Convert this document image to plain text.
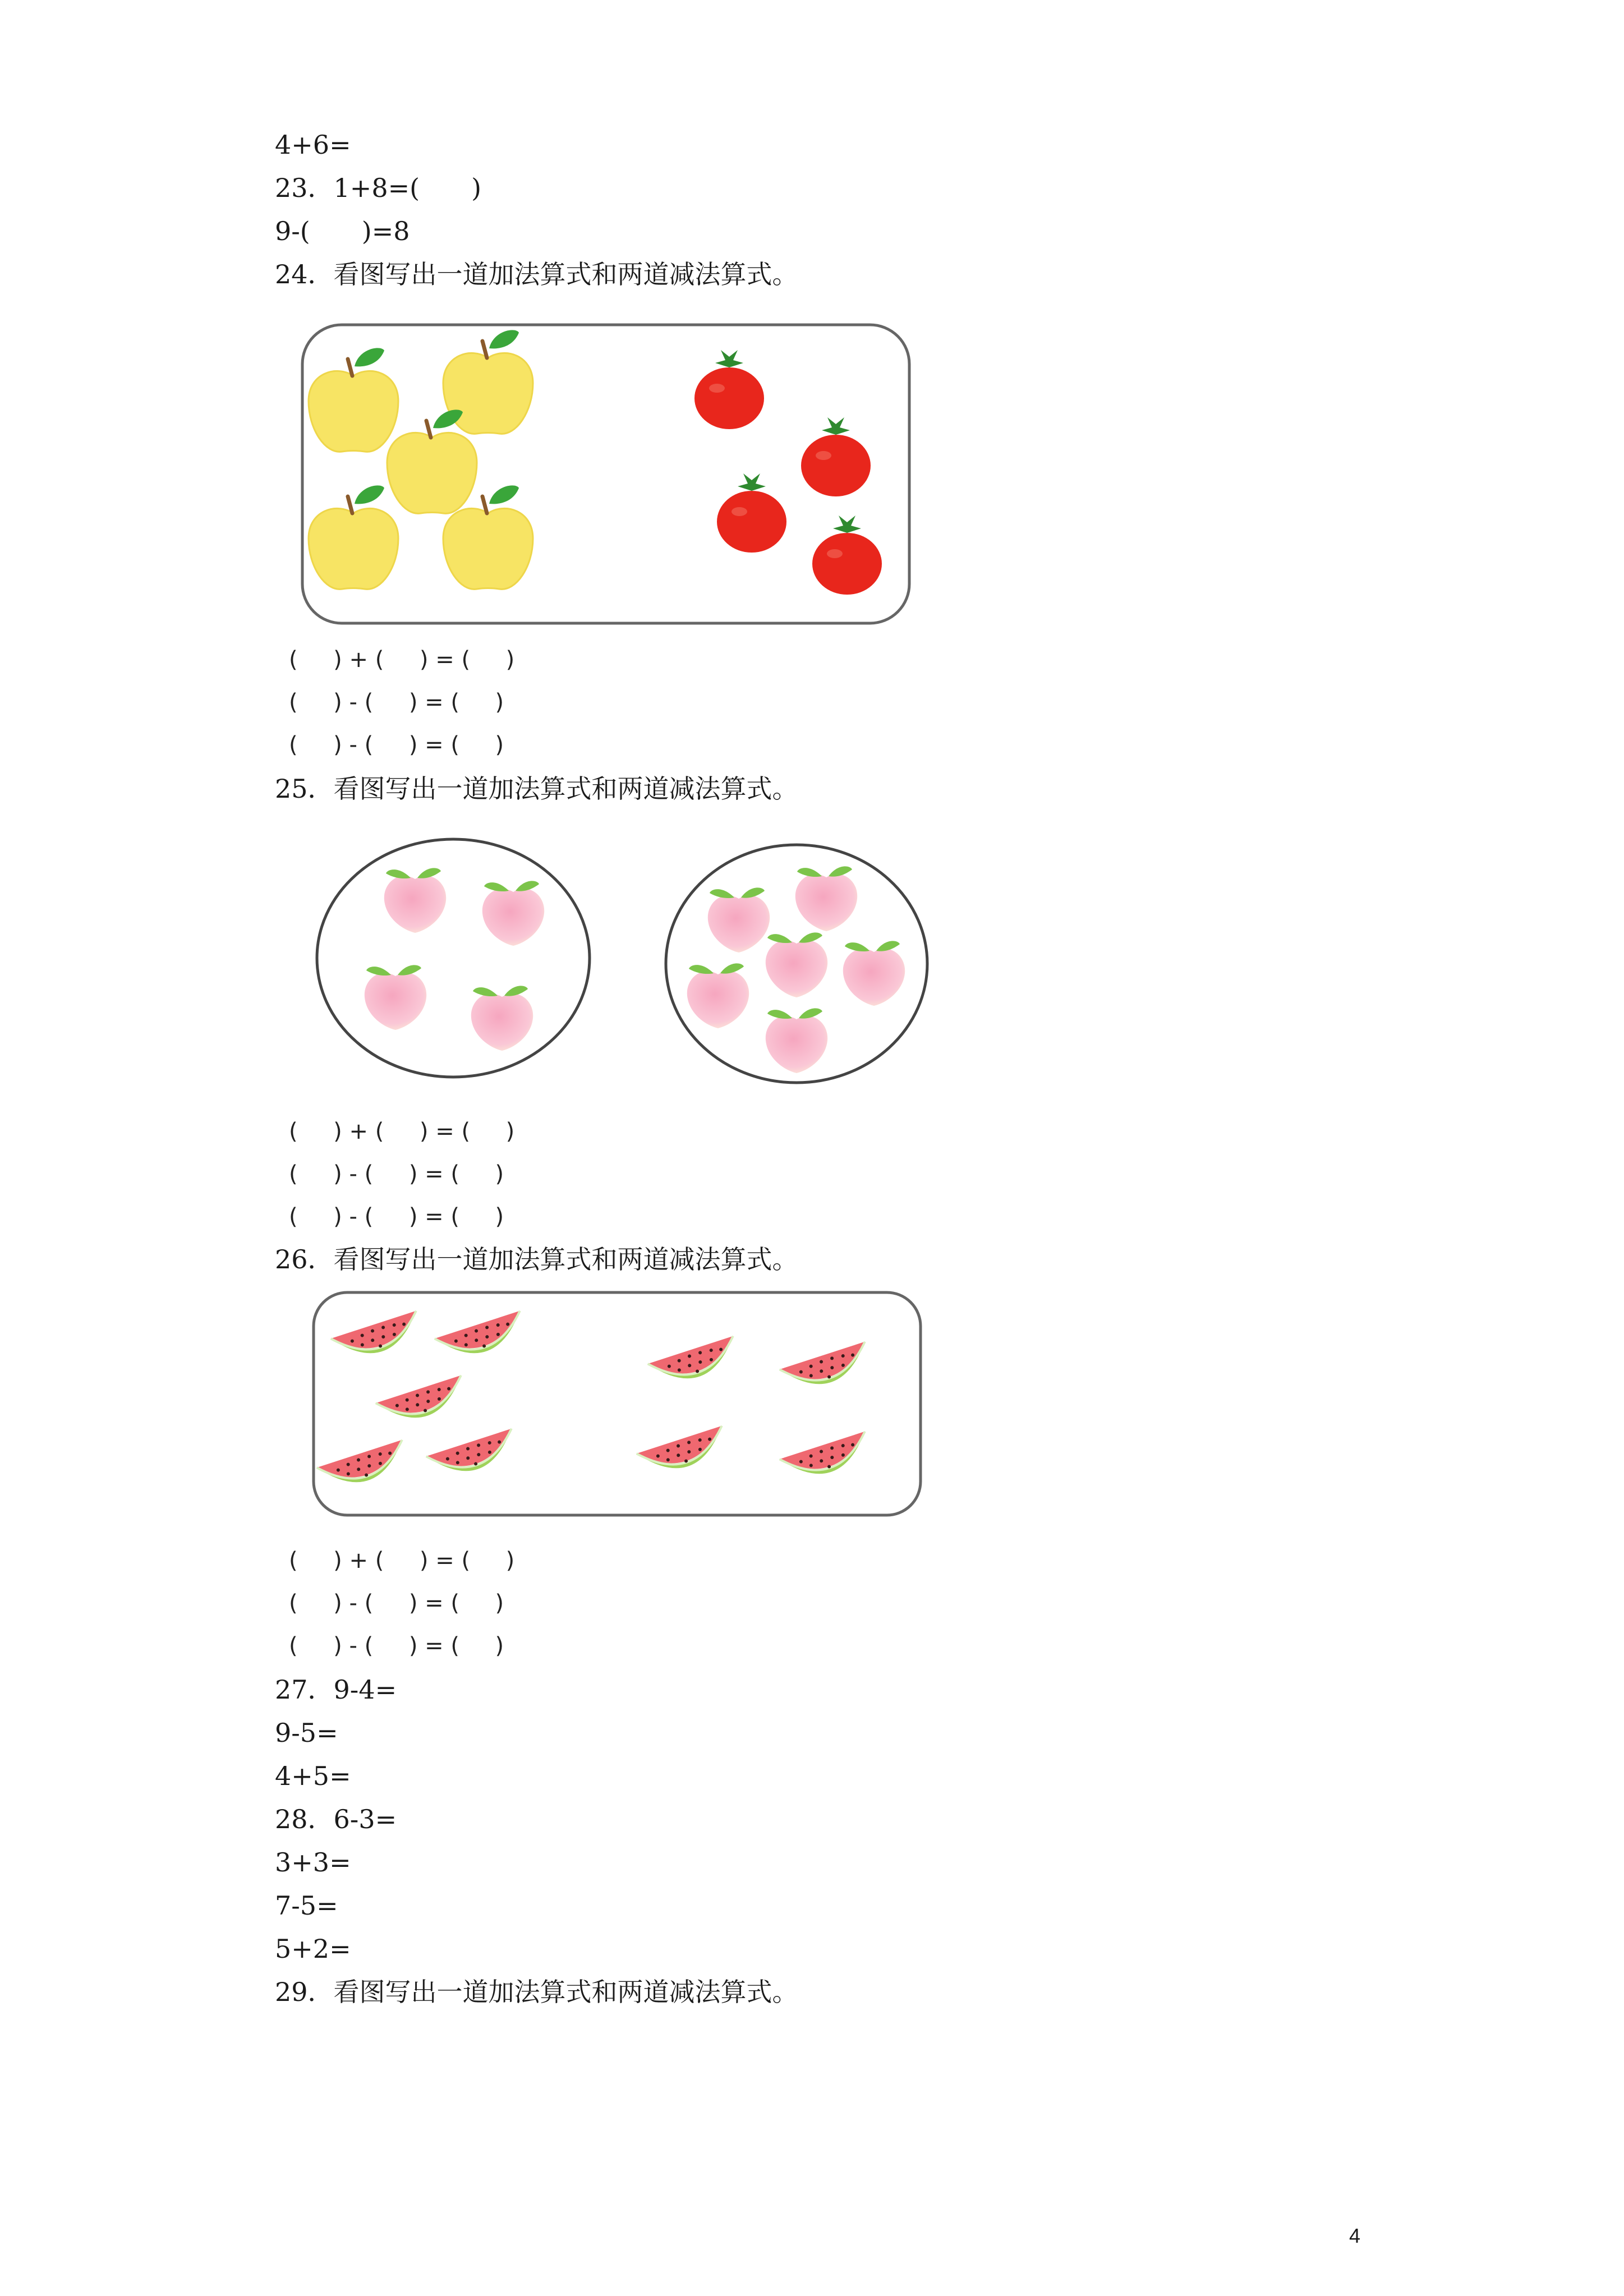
4+6=
23．1+8=(　　)
9-(　　)=8
24．看图写出一道加法算式和两道减法算式。
(     ) + (     ) = (     )
(     ) - (     ) = (     )
(     ) - (     ) = (     )
25．看图写出一道加法算式和两道减法算式。
(     ) + (     ) = (     )
(     ) - (     ) = (     )
(     ) - (     ) = (     )
26．看图写出一道加法算式和两道减法算式。
(     ) + (     ) = (     )
(     ) - (     ) = (     )
(     ) - (     ) = (     )
27．9-4=
9-5=
4+5=
28．6-3=
3+3=
7-5=
5+2=
29．看图写出一道加法算式和两道减法算式。
4
